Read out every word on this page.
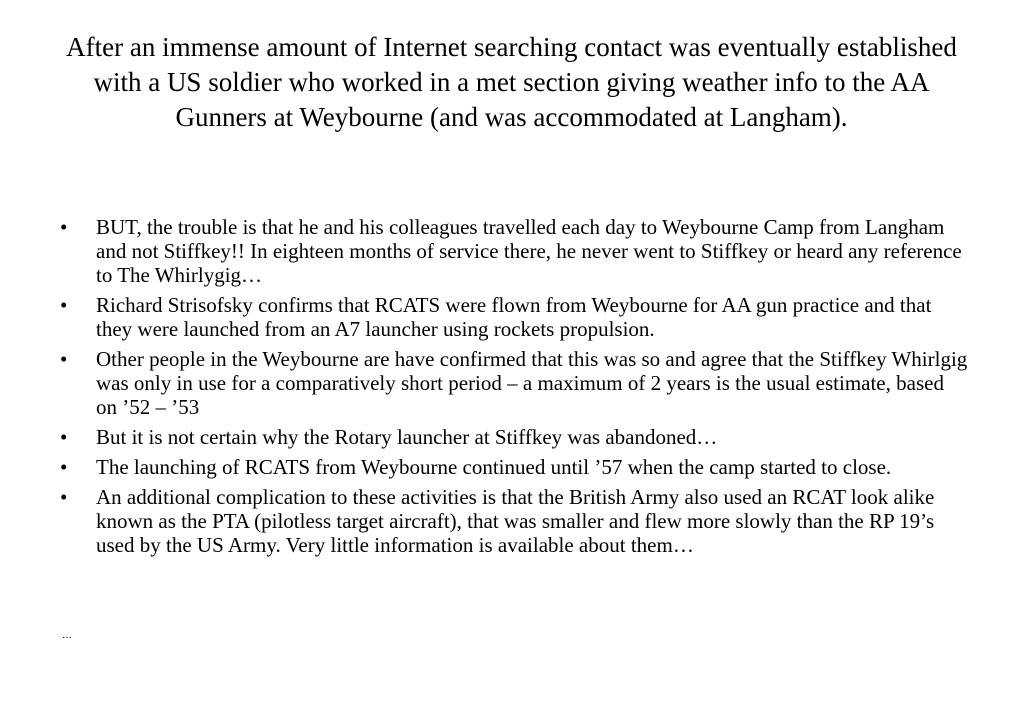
After an immense amount of Internet searching contact was eventually established with a US soldier who worked in a met section giving weather info to the AA Gunners at Weybourne (and was accommodated at Langham).
• BUT, the trouble is that he and his colleagues travelled each day to Weybourne Camp from Langham and not Stiffkey!! In eighteen months of service there, he never went to Stiffkey or heard any reference to The Whirlygig…
• Richard Strisofsky confirms that RCATS were flown from Weybourne for AA gun practice and that they were launched from an A7 launcher using rockets propulsion.
• Other people in the Weybourne are have confirmed that this was so and agree that the Stiffkey Whirlgig was only in use for a comparatively short period – a maximum of 2 years is the usual estimate, based on ’52 – ’53
• But it is not certain why the Rotary launcher at Stiffkey was abandoned…
• The launching of RCATS from Weybourne continued until ’57 when the camp started to close.
• An additional complication to these activities is that the British Army also used an RCAT look alike known as the PTA (pilotless target aircraft), that was smaller and flew more slowly than the RP 19’s used by the US Army. Very little information is available about them…
…
